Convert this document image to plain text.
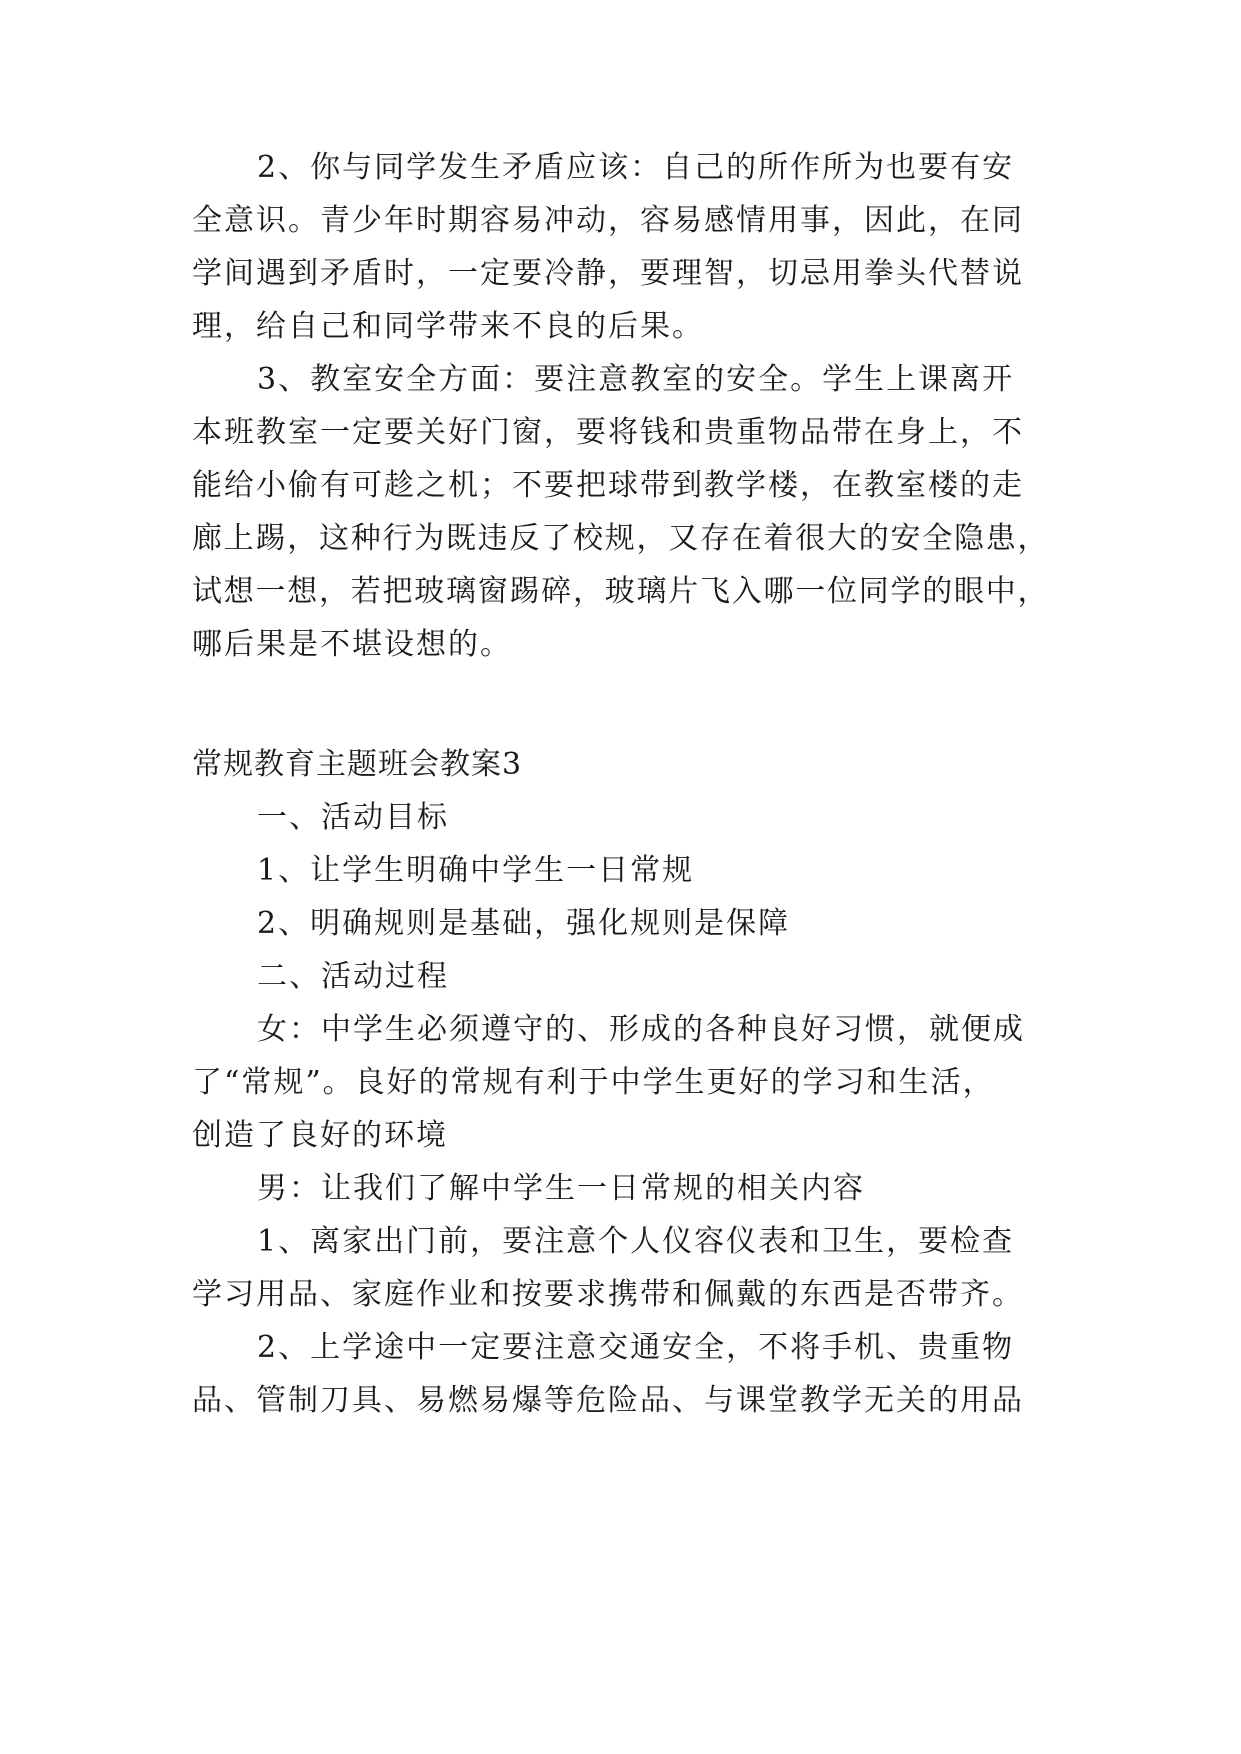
2、你与同学发生矛盾应该：自己的所作所为也要有安
全意识。青少年时期容易冲动，容易感情用事，因此，在同
学间遇到矛盾时，一定要冷静，要理智，切忌用拳头代替说
理，给自己和同学带来不良的后果。
3、教室安全方面：要注意教室的安全。学生上课离开
本班教室一定要关好门窗，要将钱和贵重物品带在身上，不
能给小偷有可趁之机；不要把球带到教学楼，在教室楼的走
廊上踢，这种行为既违反了校规，又存在着很大的安全隐患，
试想一想，若把玻璃窗踢碎，玻璃片飞入哪一位同学的眼中，
哪后果是不堪设想的。
常规教育主题班会教案3
一、活动目标
1、让学生明确中学生一日常规
2、明确规则是基础，强化规则是保障
二、活动过程
女：中学生必须遵守的、形成的各种良好习惯，就便成
了“常规”。良好的常规有利于中学生更好的学习和生活，
创造了良好的环境
男：让我们了解中学生一日常规的相关内容
1、离家出门前，要注意个人仪容仪表和卫生，要检查
学习用品、家庭作业和按要求携带和佩戴的东西是否带齐。
2、上学途中一定要注意交通安全，不将手机、贵重物
品、管制刀具、易燃易爆等危险品、与课堂教学无关的用品
